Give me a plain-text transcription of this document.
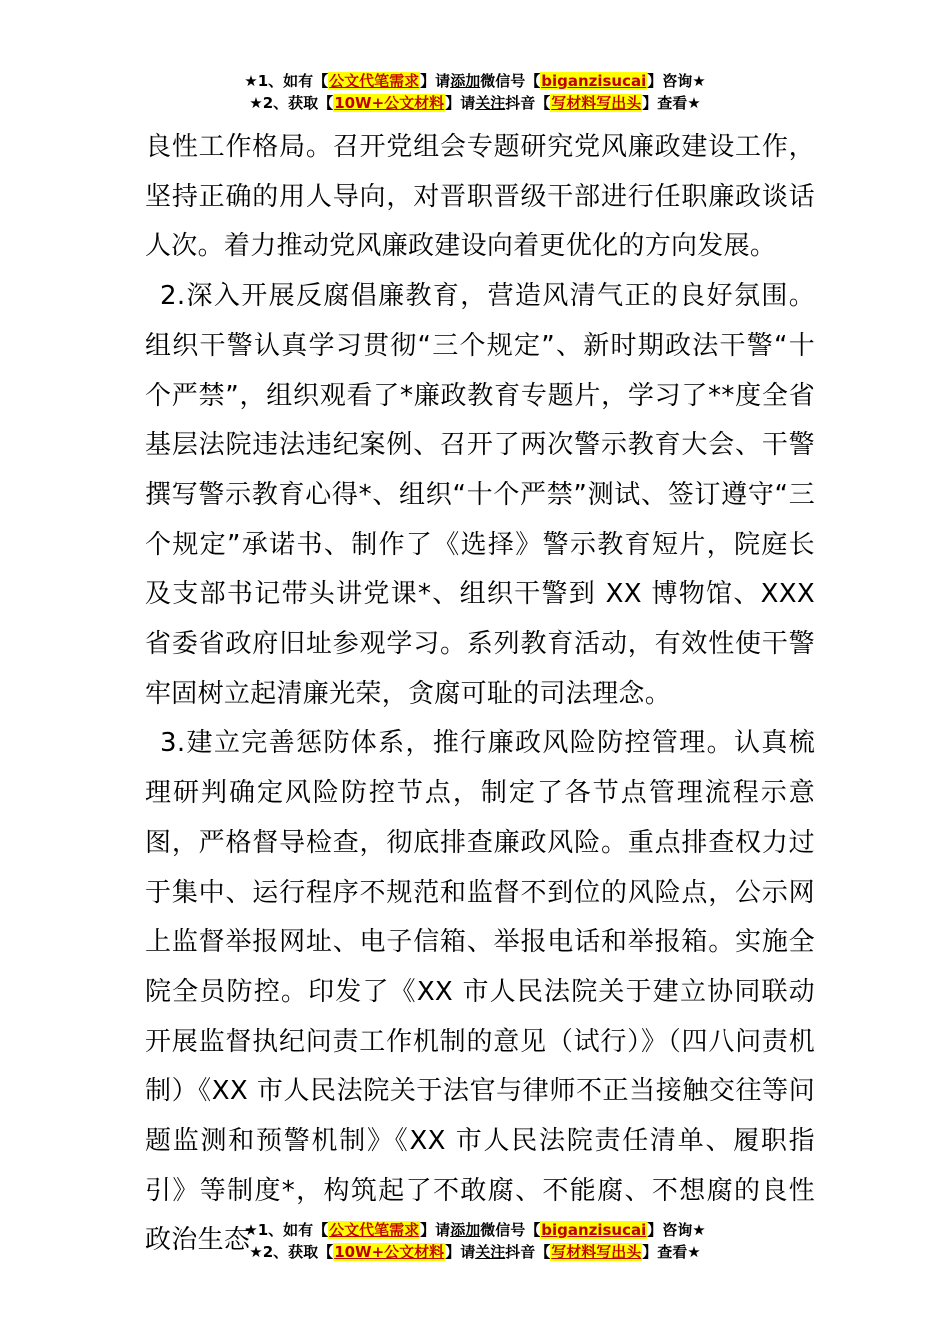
★1、如有【公文代笔需求】请添加微信号【biganzisucai】咨询★
★2、获取【10W+公文材料】请关注抖音【写材料写出头】查看★

良性工作格局。召开党组会专题研究党风廉政建设工作，坚持正确的用人导向，对晋职晋级干部进行任职廉政谈话人次。着力推动党风廉政建设向着更优化的方向发展。

2.深入开展反腐倡廉教育，营造风清气正的良好氛围。组织干警认真学习贯彻“三个规定”、新时期政法干警“十个严禁”，组织观看了*廉政教育专题片，学习了**度全省基层法院违法违纪案例、召开了两次警示教育大会、干警撰写警示教育心得*、组织“十个严禁”测试、签订遵守“三个规定”承诺书、制作了《选择》警示教育短片，院庭长及支部书记带头讲党课*、组织干警到 XX 博物馆、XXX 省委省政府旧址参观学习。系列教育活动，有效性使干警牢固树立起清廉光荣，贪腐可耻的司法理念。

3.建立完善惩防体系，推行廉政风险防控管理。认真梳理研判确定风险防控节点，制定了各节点管理流程示意图，严格督导检查，彻底排查廉政风险。重点排查权力过于集中、运行程序不规范和监督不到位的风险点，公示网上监督举报网址、电子信箱、举报电话和举报箱。实施全院全员防控。印发了《XX 市人民法院关于建立协同联动开展监督执纪问责工作机制的意见（试行）》（四八问责机制）《XX 市人民法院关于法官与律师不正当接触交往等问题监测和预警机制》《XX 市人民法院责任清单、履职指引》等制度*，构筑起了不敢腐、不能腐、不想腐的良性政治生态

★1、如有【公文代笔需求】请添加微信号【biganzisucai】咨询★
★2、获取【10W+公文材料】请关注抖音【写材料写出头】查看★
